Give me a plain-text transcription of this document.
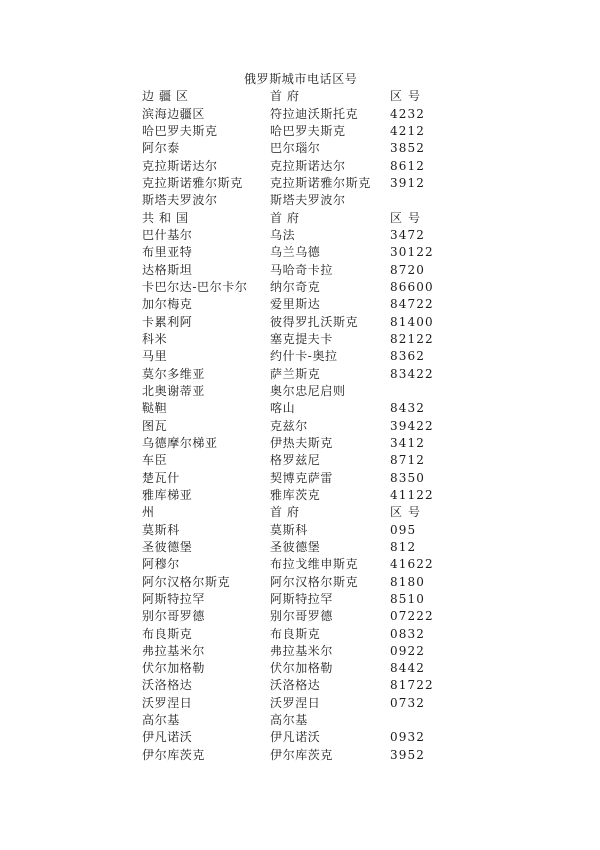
俄罗斯城市电话区号
边 疆 区	首 府	区 号
滨海边疆区	符拉迪沃斯托克	4232
哈巴罗夫斯克	哈巴罗夫斯克	4212
阿尔泰	巴尔瑙尔	3852
克拉斯诺达尔	克拉斯诺达尔	8612
克拉斯诺雅尔斯克 克拉斯诺雅尔斯克 3912
斯塔夫罗波尔	斯塔夫罗波尔
共 和 国	首 府	区 号
巴什基尔	乌法	3472
布里亚特	乌兰乌德	30122
达格斯坦	马哈奇卡拉	8720
卡巴尔达-巴尔卡尔 纳尔奇克	86600
加尔梅克	爱里斯达	84722
卡累利阿	彼得罗扎沃斯克	81400
科米	塞克提夫卡	82122
马里	约什卡-奥拉	8362
莫尔多维亚	萨兰斯克	83422
北奥谢蒂亚	奥尔忠尼启则
鞑靼	喀山	8432
图瓦	克兹尔	39422
乌德摩尔梯亚	伊热夫斯克	3412
车臣	格罗兹尼	8712
楚瓦什	契博克萨雷	8350
雅库梯亚	雅库茨克	41122
州	首 府	区 号
莫斯科	莫斯科	095
圣彼德堡	圣彼德堡	812
阿穆尔	布拉戈维申斯克	41622
阿尔汉格尔斯克	阿尔汉格尔斯克	8180
阿斯特拉罕	阿斯特拉罕	8510
别尔哥罗德	别尔哥罗德	07222
布良斯克	布良斯克	0832
弗拉基米尔	弗拉基米尔	0922
伏尔加格勒	伏尔加格勒	8442
沃洛格达	沃洛格达	81722
沃罗涅日	沃罗涅日	0732
高尔基	高尔基
伊凡诺沃	伊凡诺沃	0932
伊尔库茨克	伊尔库茨克	3952
